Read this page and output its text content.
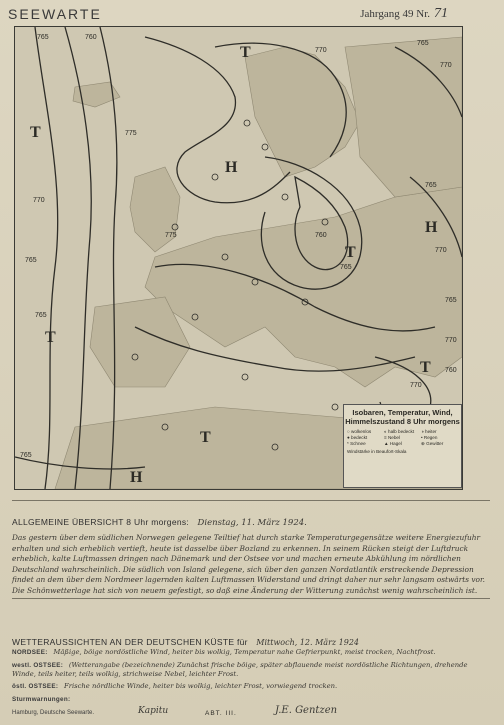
SEEWARTE	Jahrgang 49 Nr. 71
765	760
765
770
775
770
765
770
765
760
765
775
770
765
770
765
760
765
770
H
H
H
T
T
T
T
T
T
Isobaren, Temperatur, Wind,
Himmelszustand 8 Uhr morgens
○ wolkenlos	◐ halb bedeckt	◑ heiter
● bedeckt	≡ Nebel	• Regen
* Schnee	▲ Hagel	⊕ Gewitter
Windstärke in Beaufort-Skala
ALLGEMEINE ÜBERSICHT 8 Uhr morgens: Dienstag, 11. März 1924.
Das gestern über dem südlichen Norwegen gelegene Teiltief hat durch starke Temperaturgegensätze weitere Energiezufuhr erhalten und sich erheblich vertieft, heute ist dasselbe über Bozland zu erkennen. In seinem Rücken steigt der Luftdruck erheblich, kalte Luftmassen dringen nach Dänemark und der Ostsee vor und machen erneute Abkühlung im nördlichen Deutschland wahrscheinlich. Die südlich von Island gelegene, sich über den ganzen Nordatlantik erstreckende Depression findet an dem über dem Nordmeer lagernden kalten Luftmassen Widerstand und dringt daher nur sehr langsam ostwärts vor. Die Schönwetterlage hat sich von neuem gefestigt, so daß eine Änderung der Witterung zunächst wenig wahrscheinlich ist.
WETTERAUSSICHTEN AN DER DEUTSCHEN KÜSTE für Mittwoch, 12. März 1924
NORDSEE: Mäßige, böige nordöstliche Wind, heiter bis wolkig, Temperatur nahe Gefrierpunkt, meist trocken, Nachtfrost.
westl. OSTSEE: (Wetterangabe (bezeichnende) Zunächst frische böige, später abflauende meist nordöstliche Richtungen, drehende Winde, teils heiter, teils wolkig, strichweise Nebel, leichter Frost.
östl. OSTSEE: Frische nördliche Winde, heiter bis wolkig, leichter Frost, vorwiegend trocken.
Sturmwarnungen:
Hamburg, Deutsche Seewarte.	Kapitu	ABT. III.	J.E. Gentzen
